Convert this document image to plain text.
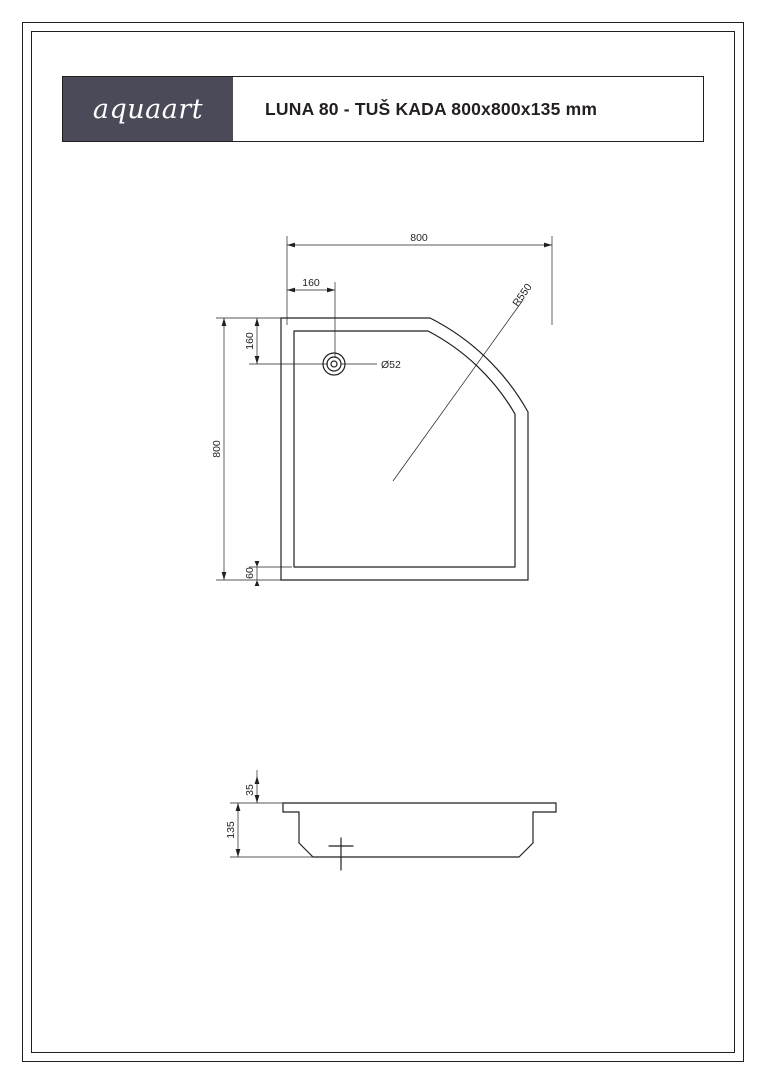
aquaart	LUNA 80 - TUŠ KADA 800x800x135 mm
800
160
800
160
60
Ø52
R550
35
135
